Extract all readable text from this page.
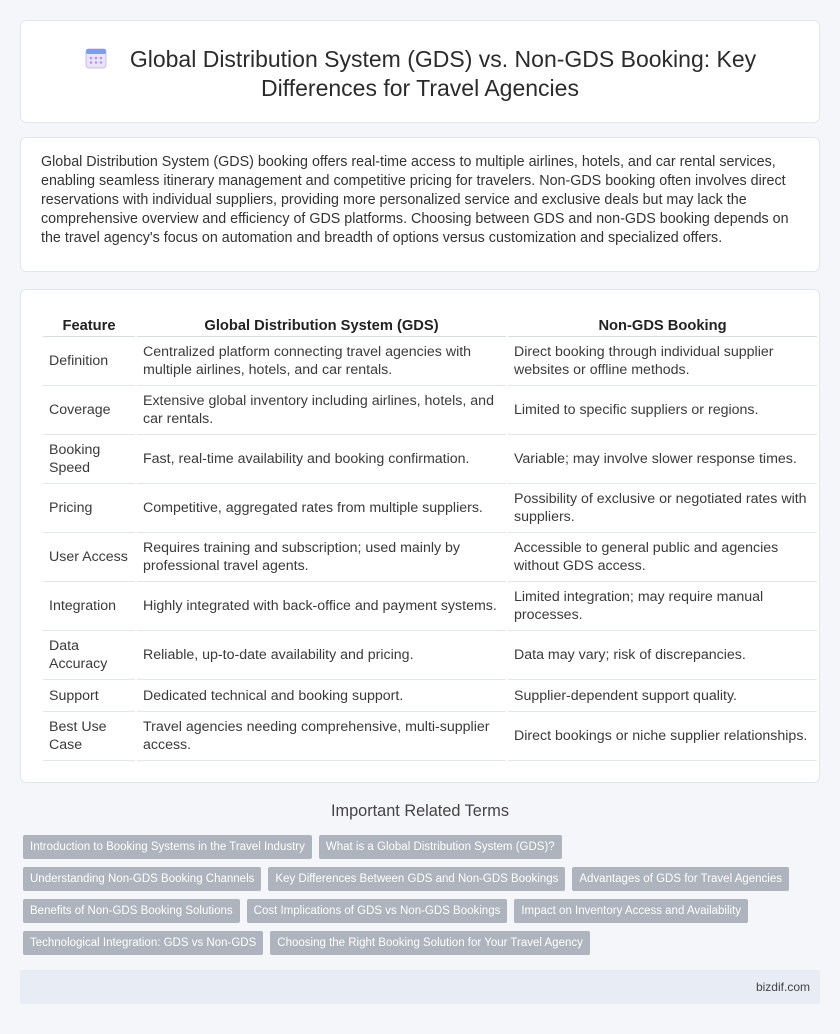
Global Distribution System (GDS) vs. Non-GDS Booking: Key Differences for Travel Agencies

Global Distribution System (GDS) booking offers real-time access to multiple airlines, hotels, and car rental services, enabling seamless itinerary management and competitive pricing for travelers. Non-GDS booking often involves direct reservations with individual suppliers, providing more personalized service and exclusive deals but may lack the comprehensive overview and efficiency of GDS platforms. Choosing between GDS and non-GDS booking depends on the travel agency's focus on automation and breadth of options versus customization and specialized offers.

Feature	Global Distribution System (GDS)	Non-GDS Booking
Definition	Centralized platform connecting travel agencies with multiple airlines, hotels, and car rentals.	Direct booking through individual supplier websites or offline methods.
Coverage	Extensive global inventory including airlines, hotels, and car rentals.	Limited to specific suppliers or regions.
Booking Speed	Fast, real-time availability and booking confirmation.	Variable; may involve slower response times.
Pricing	Competitive, aggregated rates from multiple suppliers.	Possibility of exclusive or negotiated rates with suppliers.
User Access	Requires training and subscription; used mainly by professional travel agents.	Accessible to general public and agencies without GDS access.
Integration	Highly integrated with back-office and payment systems.	Limited integration; may require manual processes.
Data Accuracy	Reliable, up-to-date availability and pricing.	Data may vary; risk of discrepancies.
Support	Dedicated technical and booking support.	Supplier-dependent support quality.
Best Use Case	Travel agencies needing comprehensive, multi-supplier access.	Direct bookings or niche supplier relationships.
Important Related Terms
Introduction to Booking Systems in the Travel Industry	What is a Global Distribution System (GDS)?
Understanding Non-GDS Booking Channels	Key Differences Between GDS and Non-GDS Bookings	Advantages of GDS for Travel Agencies
Benefits of Non-GDS Booking Solutions	Cost Implications of GDS vs Non-GDS Bookings	Impact on Inventory Access and Availability
Technological Integration: GDS vs Non-GDS	Choosing the Right Booking Solution for Your Travel Agency
bizdif.com
